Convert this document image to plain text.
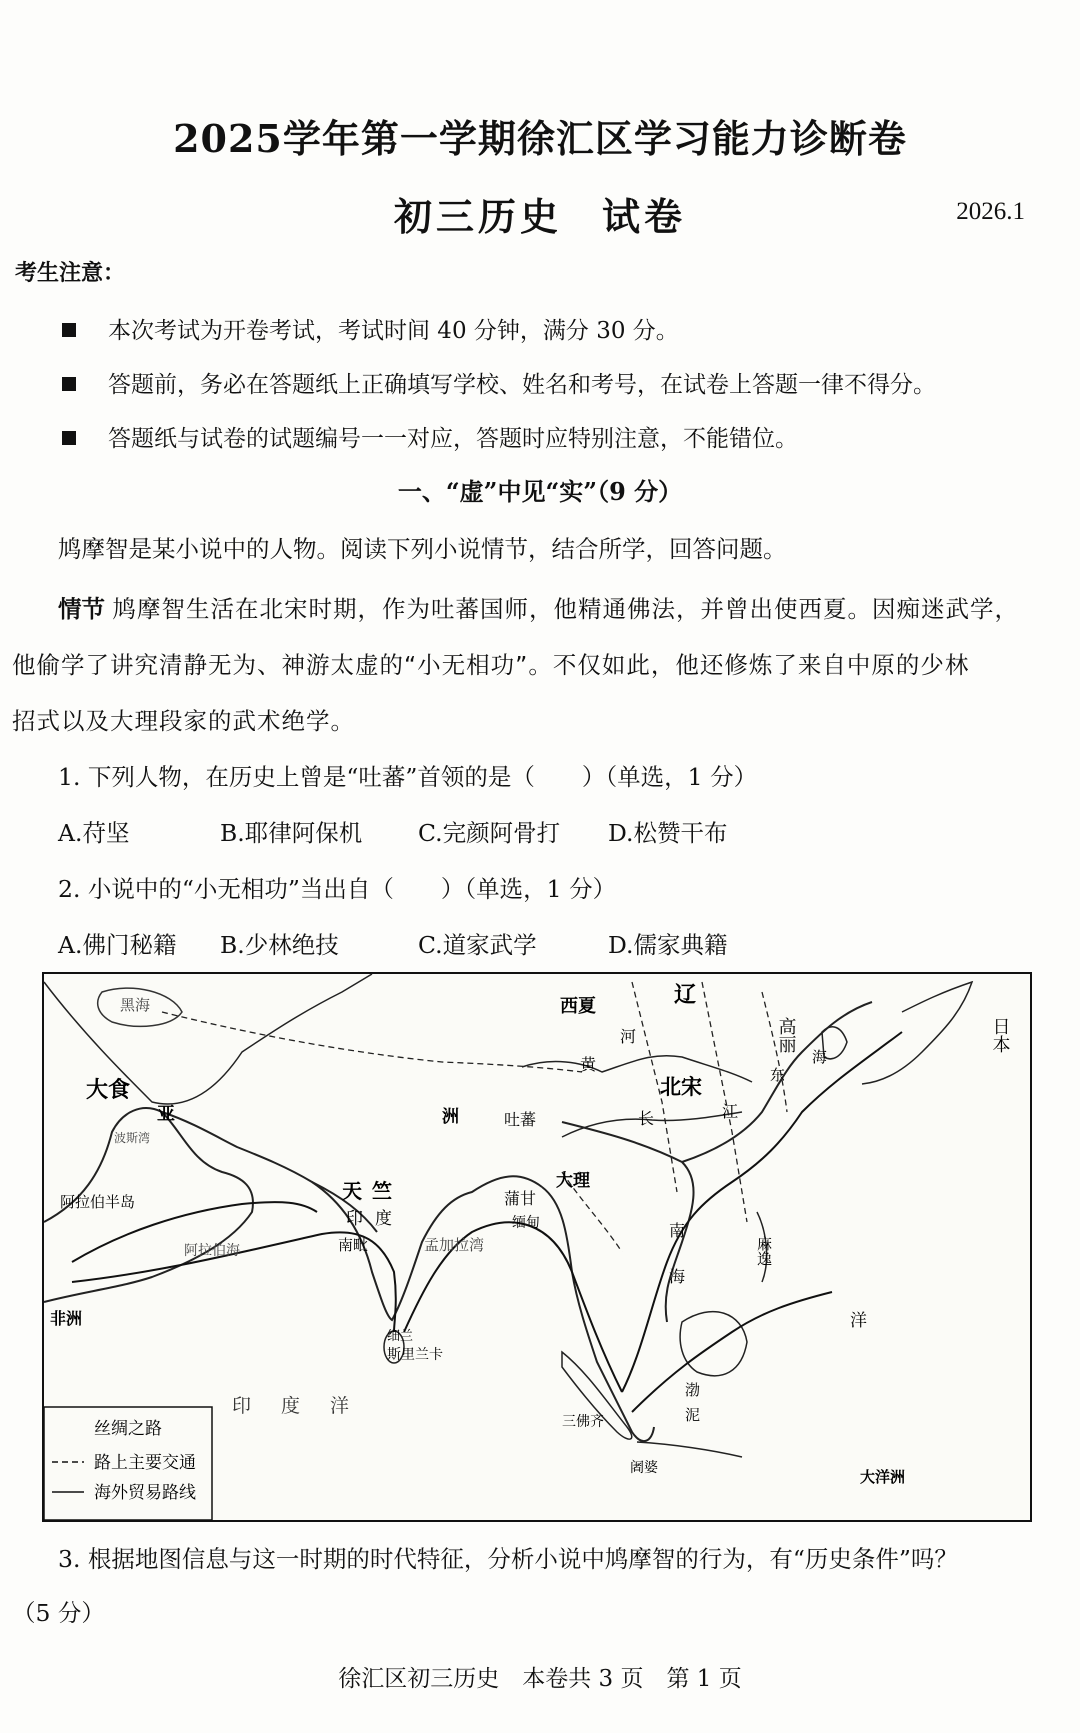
2025学年第一学期徐汇区学习能力诊断卷
初三历史 试卷	2026.1
考生注意：
本次考试为开卷考试，考试时间 40 分钟，满分 30 分。
答题前，务必在答题纸上正确填写学校、姓名和考号，在试卷上答题一律不得分。
答题纸与试卷的试题编号一一对应，答题时应特别注意，不能错位。
一、“虚”中见“实”（9 分）
鸠摩智是某小说中的人物。阅读下列小说情节，结合所学，回答问题。
情节 鸠摩智生活在北宋时期，作为吐蕃国师，他精通佛法，并曾出使西夏。因痴迷武学，
他偷学了讲究清静无为、神游太虚的“小无相功”。不仅如此，他还修炼了来自中原的少林
招式以及大理段家的武术绝学。
1. 下列人物，在历史上曾是“吐蕃”首领的是（　　）（单选，1 分）
A.苻坚	B.耶律阿保机 C.完颜阿骨打 D.松赞干布
2. 小说中的“小无相功”当出自（　　）（单选，1 分）
A.佛门秘籍 B.少林绝技	C.道家武学	D.儒家典籍
丝绸之路
路上主要交通
海外贸易路线
黑海
大食
亚	洲
波斯湾
阿拉伯半岛
阿拉伯海
天竺
印度
南毗	孟加拉湾
非洲
细兰
斯里兰卡
印度洋
西夏	辽
高丽	日本
河
黄
东
海
北宋
吐蕃	长	江
大理
蒲甘
缅甸	南海	麻逸
洋
渤泥
三佛齐
阇婆	大洋洲
3. 根据地图信息与这一时期的时代特征，分析小说中鸠摩智的行为，有“历史条件”吗？
（5 分）
徐汇区初三历史　本卷共 3 页　第 1 页
